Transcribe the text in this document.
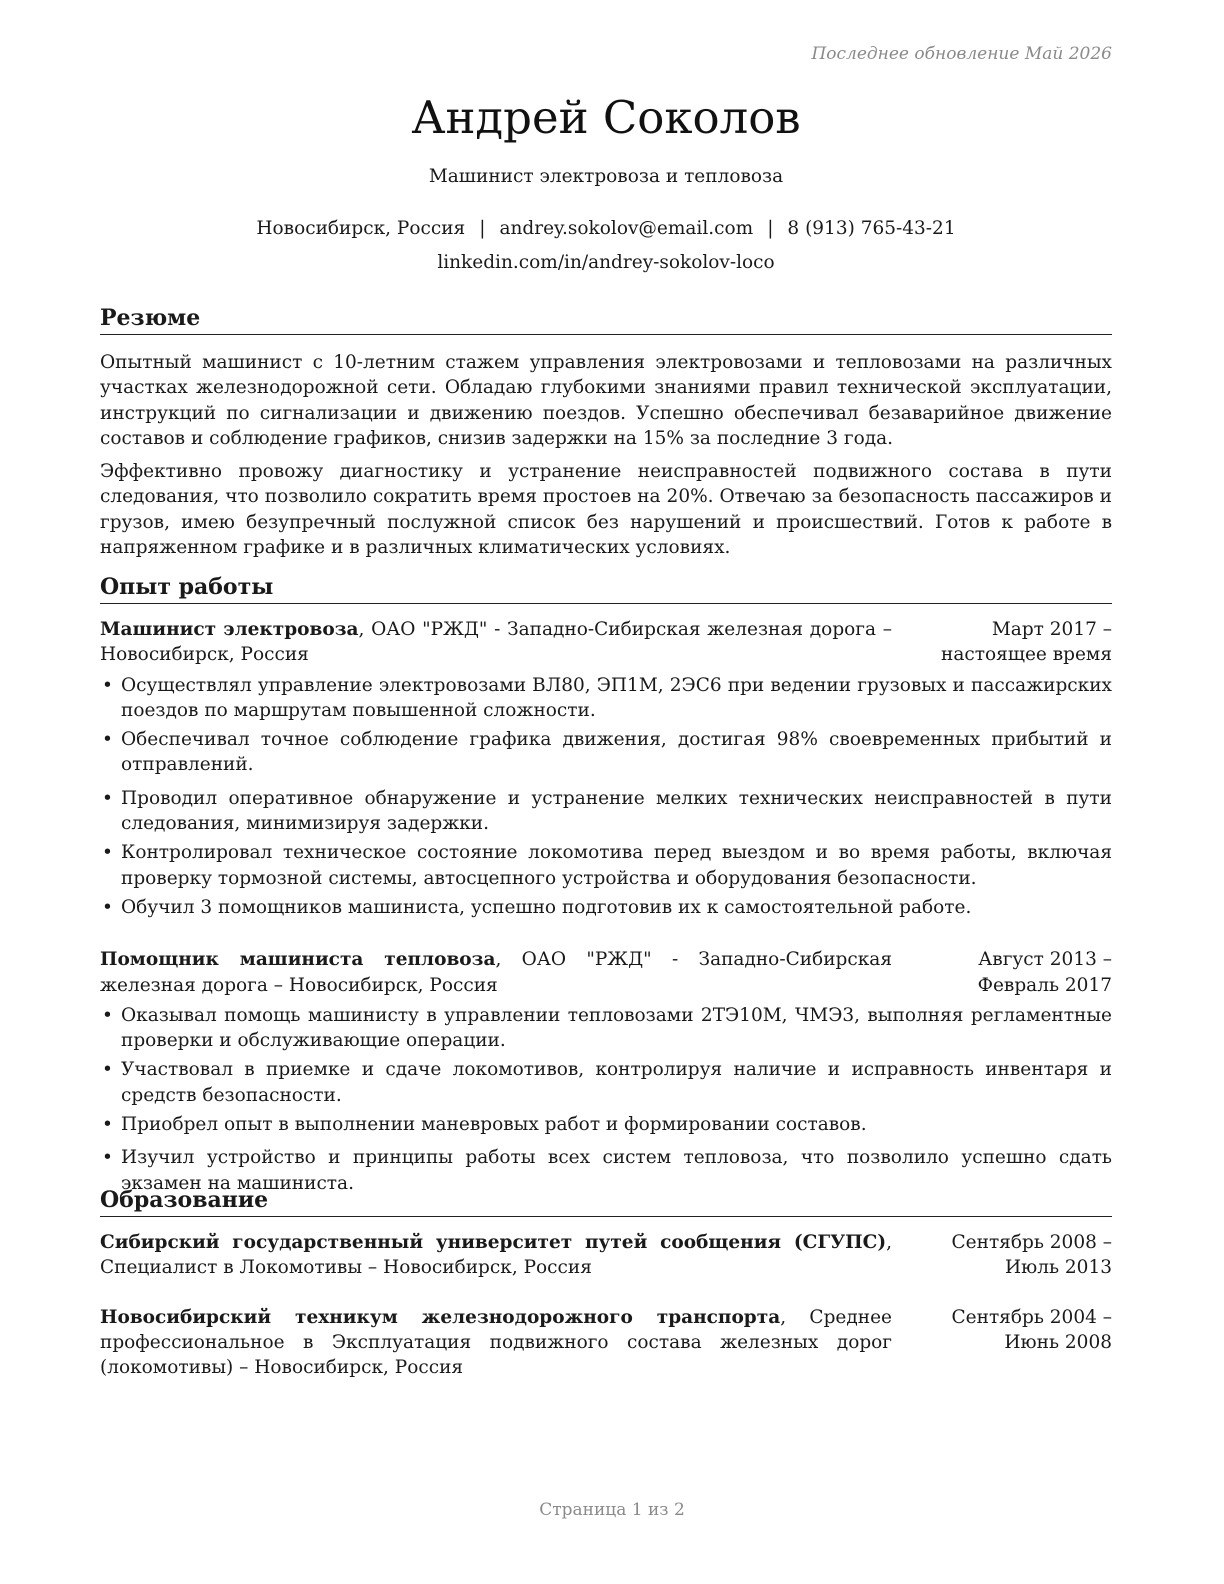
Последнее обновление Май 2026
Андрей Соколов
Машинист электровоза и тепловоза
Новосибирск, Россия | andrey.sokolov@email.com | 8 (913) 765-43-21
linkedin.com/in/andrey-sokolov-loco
Резюме

Опытный машинист с 10-летним стажем управления электровозами и тепловозами на различных участках железнодорожной сети. Обладаю глубокими знаниями правил технической эксплуатации, инструкций по сигнализации и движению поездов. Успешно обеспечивал безаварийное движение составов и соблюдение графиков, снизив задержки на 15% за последние 3 года.

Эффективно провожу диагностику и устранение неисправностей подвижного состава в пути следования, что позволило сократить время простоев на 20%. Отвечаю за безопасность пассажиров и грузов, имею безупречный послужной список без нарушений и происшествий. Готов к работе в напряженном графике и в различных климатических условиях.

Опыт работы
Машинист электровоза, ОАО "РЖД" - Западно-Сибирская железная дорога – Новосибирск, Россия
Март 2017 – настоящее время
• Осуществлял управление электровозами ВЛ80, ЭП1М, 2ЭС6 при ведении грузовых и пассажирских поездов по маршрутам повышенной сложности.
• Обеспечивал точное соблюдение графика движения, достигая 98% своевременных прибытий и отправлений.
• Проводил оперативное обнаружение и устранение мелких технических неисправностей в пути следования, минимизируя задержки.
• Контролировал техническое состояние локомотива перед выездом и во время работы, включая проверку тормозной системы, автосцепного устройства и оборудования безопасности.
• Обучил 3 помощников машиниста, успешно подготовив их к самостоятельной работе.
Помощник машиниста тепловоза, ОАО "РЖД" - Западно-Сибирская железная дорога – Новосибирск, Россия
Август 2013 – Февраль 2017
• Оказывал помощь машинисту в управлении тепловозами 2ТЭ10М, ЧМЭ3, выполняя регламентные проверки и обслуживающие операции.
• Участвовал в приемке и сдаче локомотивов, контролируя наличие и исправность инвентаря и средств безопасности.
• Приобрел опыт в выполнении маневровых работ и формировании составов.
• Изучил устройство и принципы работы всех систем тепловоза, что позволило успешно сдать экзамен на машиниста.
Образование
Сибирский государственный университет путей сообщения (СГУПС), Специалист в Локомотивы – Новосибирск, Россия
Сентябрь 2008 – Июль 2013
Новосибирский техникум железнодорожного транспорта, Среднее профессиональное в Эксплуатация подвижного состава железных дорог (локомотивы) – Новосибирск, Россия
Сентябрь 2004 – Июнь 2008
Страница 1 из 2
